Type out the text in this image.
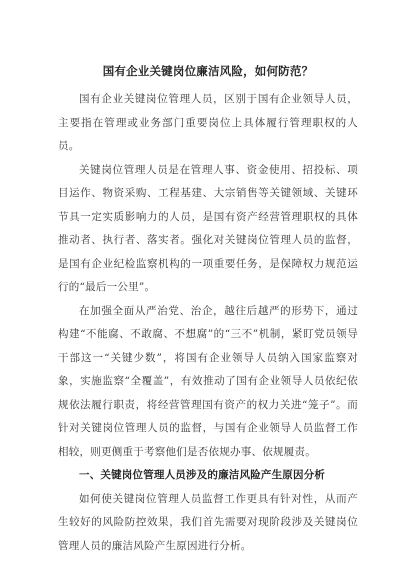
国有企业关键岗位廉洁风险，如何防范？

国有企业关键岗位管理人员，区别于国有企业领导人员，主要指在管理或业务部门重要岗位上具体履行管理职权的人员。

关键岗位管理人员是在管理人事、资金使用、招投标、项目运作、物资采购、工程基建、大宗销售等关键领域、关键环节具一定实质影响力的人员，是国有资产经营管理职权的具体推动者、执行者、落实者。强化对关键岗位管理人员的监督，是国有企业纪检监察机构的一项重要任务，是保障权力规范运行的“最后一公里”。

在加强全面从严治党、治企，越往后越严的形势下，通过构建“不能腐、不敢腐、不想腐”的“三不”机制，紧盯党员领导干部这一“关键少数”，将国有企业领导人员纳入国家监察对象，实施监察“全覆盖”，有效推动了国有企业领导人员依纪依规依法履行职责，将经营管理国有资产的权力关进“笼子”。而针对关键岗位管理人员的监督，与国有企业领导人员监督工作相较，则更侧重于考察他们是否依规办事、依规履责。

一、关键岗位管理人员涉及的廉洁风险产生原因分析

如何使关键岗位管理人员监督工作更具有针对性，从而产生较好的风险防控效果，我们首先需要对现阶段涉及关键岗位管理人员的廉洁风险产生原因进行分析。
